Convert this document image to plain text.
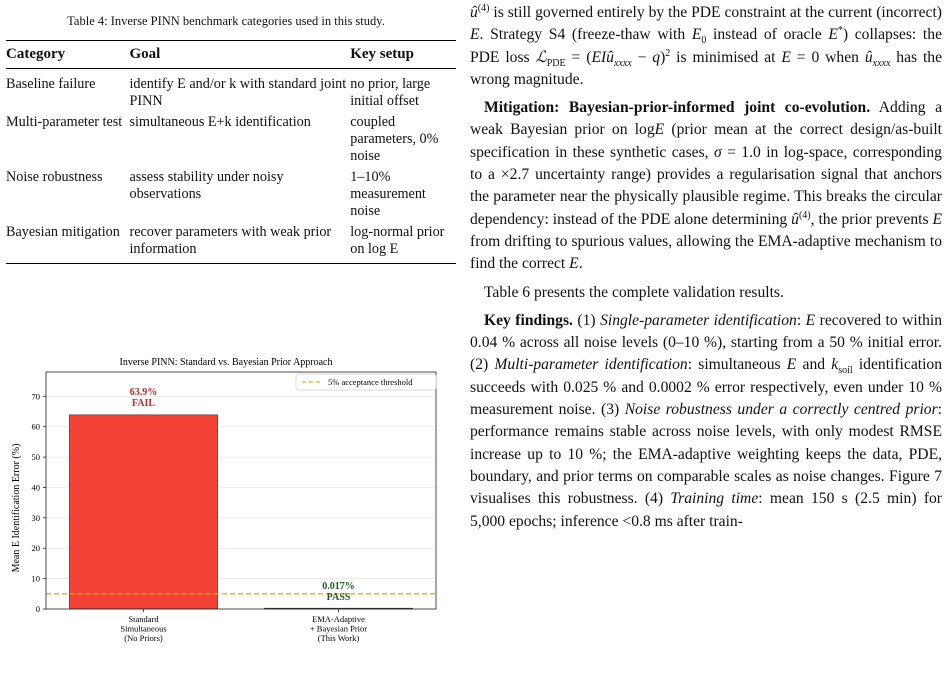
Table 4: Inverse PINN benchmark categories used in this study.
Category	Goal	Key setup
Baseline failure	identify E and/or k with standard joint PINN	no prior, large initial offset
Multi-parameter test	simultaneous E+k identification	coupled parameters, 0% noise
Noise robustness	assess stability under noisy observations	1–10% measurement noise
Bayesian mitigation	recover parameters with weak prior information	log-normal prior on log E
Inverse PINN: Standard vs. Bayesian Prior Approach
Mean E Identification Error (%)
0
10
20
30
40
50
60
70	63.9%
FAIL
0.017%
PASS
Standard
Simultaneous
(No Priors)
EMA-Adaptive
+ Bayesian Prior
(This Work)
5% acceptance threshold

$û^{(4)}$ is still governed entirely by the PDE constraint at the current (incorrect) E. Strategy S4 (freeze-thaw with $E_0$ instead of oracle E*) collapses: the PDE loss ℒ$_{PDE}$ = (EIû$_{xxxx}$ − q)$^2$ is minimised at E = 0 when $û_{xxxx}$ has the wrong magnitude.

Mitigation: Bayesian-prior-informed joint co-evolution. Adding a weak Bayesian prior on logE (prior mean at the correct design/as-built specification in these synthetic cases, σ = 1.0 in log-space, corresponding to a ×2.7 uncertainty range) provides a regularisation signal that anchors the parameter near the physically plausible regime. This breaks the circular dependency: instead of the PDE alone determining $û^{(4)}$, the prior prevents E from drifting to spurious values, allowing the EMA-adaptive mechanism to find the correct E.

Table 6 presents the complete validation results.

Key findings. (1) Single-parameter identification: E recovered to within 0.04 % across all noise levels (0–10 %), starting from a 50 % initial error. (2) Multi-parameter identification: simultaneous E and $k_{soil}$ identification succeeds with 0.025 % and 0.0002 % error respectively, even under 10 % measurement noise. (3) Noise robustness under a correctly centred prior: performance remains stable across noise levels, with only modest RMSE increase up to 10 %; the EMA-adaptive weighting keeps the data, PDE, boundary, and prior terms on comparable scales as noise changes. Figure 7 visualises this robustness. (4) Training time: mean 150 s (2.5 min) for 5,000 epochs; inference <0.8 ms after train-
